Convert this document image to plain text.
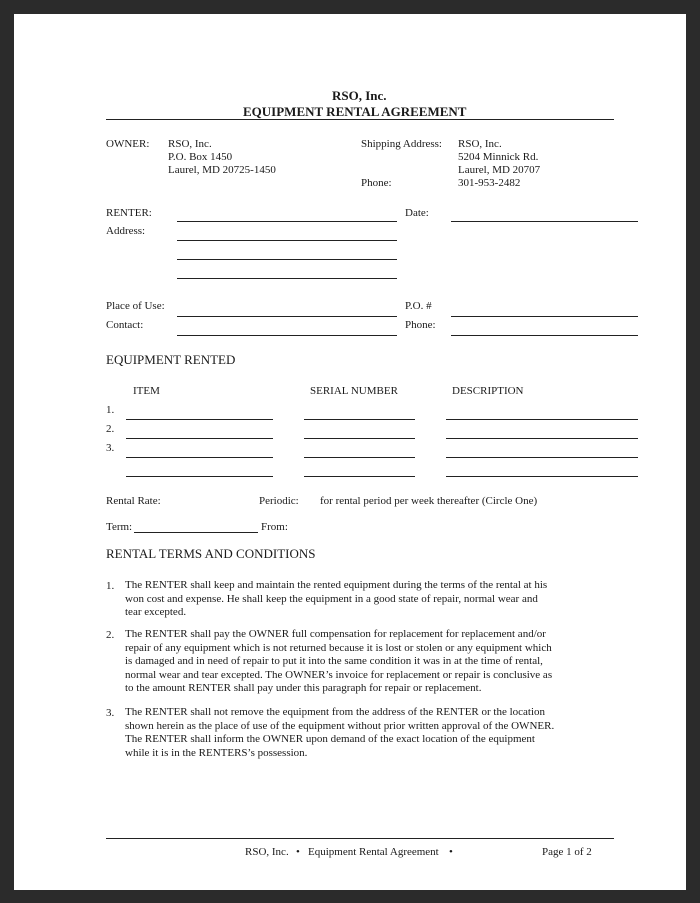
RSO, Inc.
EQUIPMENT RENTAL AGREEMENT
OWNER: RSO, Inc.
P.O. Box 1450
Laurel, MD 20725-1450
Shipping Address: RSO, Inc.
5204 Minnick Rd.
Laurel, MD 20707
Phone:	301-953-2482
RENTER:	Date:
Address:
Place of Use:	P.O. #
Contact:	Phone:
EQUIPMENT RENTED
ITEM	SERIAL NUMBER	DESCRIPTION
1.
2.
3.
Rental Rate:	Periodic: for rental period per week thereafter (Circle One)
Term:	From:
RENTAL TERMS AND CONDITIONS
1. The RENTER shall keep and maintain the rented equipment during the terms of the rental at his
won cost and expense. He shall keep the equipment in a good state of repair, normal wear and
tear excepted.
2. The RENTER shall pay the OWNER full compensation for replacement for replacement and/or
repair of any equipment which is not returned because it is lost or stolen or any equipment which
is damaged and in need of repair to put it into the same condition it was in at the time of rental,
normal wear and tear excepted. The OWNER’s invoice for replacement or repair is conclusive as
to the amount RENTER shall pay under this paragraph for repair or replacement.
3. The RENTER shall not remove the equipment from the address of the RENTER or the location
shown herein as the place of use of the equipment without prior written approval of the OWNER.
The RENTER shall inform the OWNER upon demand of the exact location of the equipment
while it is in the RENTERS’s possession.
RSO, Inc. • Equipment Rental Agreement •	Page 1 of 2
